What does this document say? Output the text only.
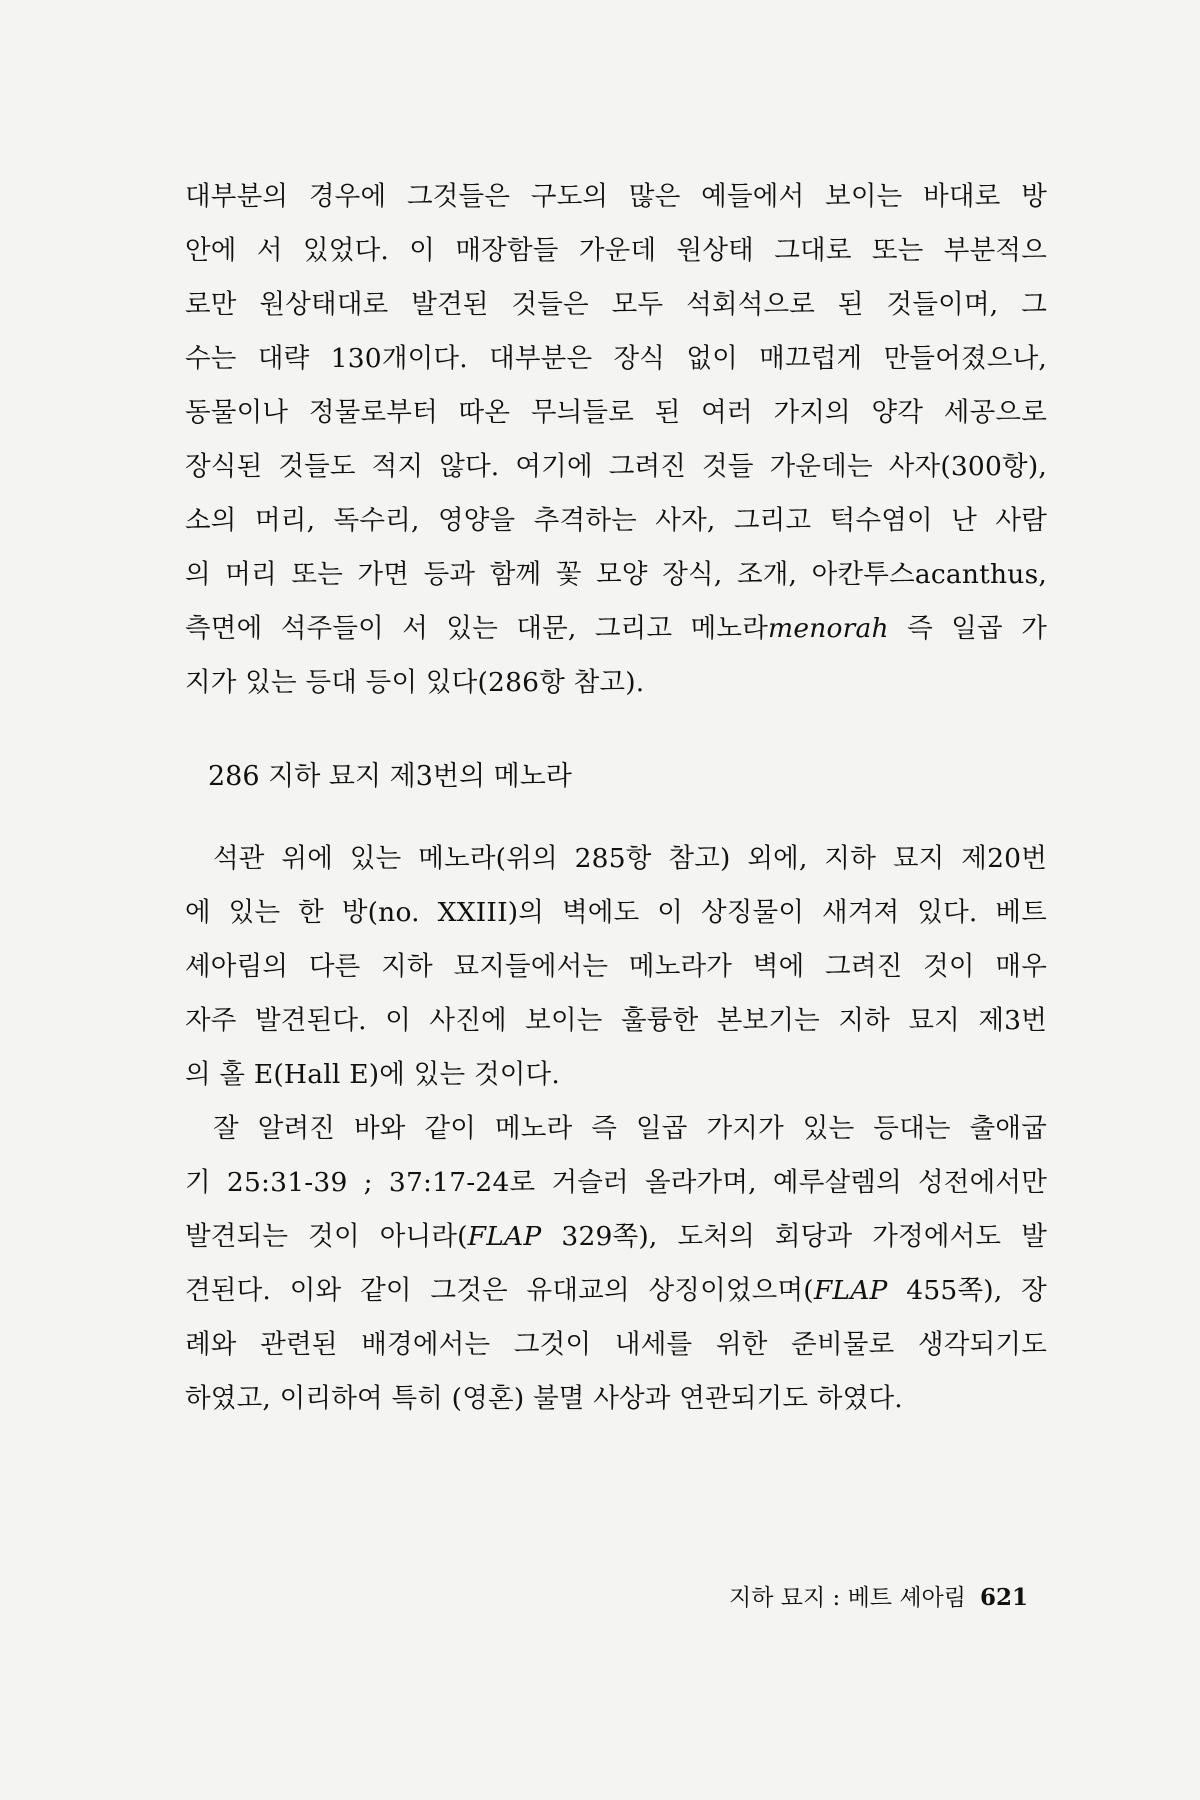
대부분의 경우에 그것들은 구도의 많은 예들에서 보이는 바대로 방
안에 서 있었다. 이 매장함들 가운데 원상태 그대로 또는 부분적으
로만 원상태대로 발견된 것들은 모두 석회석으로 된 것들이며, 그
수는 대략 130개이다. 대부분은 장식 없이 매끄럽게 만들어졌으나,
동물이나 정물로부터 따온 무늬들로 된 여러 가지의 양각 세공으로
장식된 것들도 적지 않다. 여기에 그려진 것들 가운데는 사자(300항),
소의 머리, 독수리, 영양을 추격하는 사자, 그리고 턱수염이 난 사람
의 머리 또는 가면 등과 함께 꽃 모양 장식, 조개, 아칸투스acanthus,
측면에 석주들이 서 있는 대문, 그리고 메노라menorah 즉 일곱 가
지가 있는 등대 등이 있다(286항 참고).
286 지하 묘지 제3번의 메노라
석관 위에 있는 메노라(위의 285항 참고) 외에, 지하 묘지 제20번
에 있는 한 방(no. XXIII)의 벽에도 이 상징물이 새겨져 있다. 베트
셰아림의 다른 지하 묘지들에서는 메노라가 벽에 그려진 것이 매우
자주 발견된다. 이 사진에 보이는 훌륭한 본보기는 지하 묘지 제3번
의 홀 E(Hall E)에 있는 것이다.
잘 알려진 바와 같이 메노라 즉 일곱 가지가 있는 등대는 출애굽
기 25:31-39 ; 37:17-24로 거슬러 올라가며, 예루살렘의 성전에서만
발견되는 것이 아니라(FLAP 329쪽), 도처의 회당과 가정에서도 발
견된다. 이와 같이 그것은 유대교의 상징이었으며(FLAP 455쪽), 장
례와 관련된 배경에서는 그것이 내세를 위한 준비물로 생각되기도
하였고, 이리하여 특히 (영혼) 불멸 사상과 연관되기도 하였다.
지하 묘지 : 베트 셰아림 621
